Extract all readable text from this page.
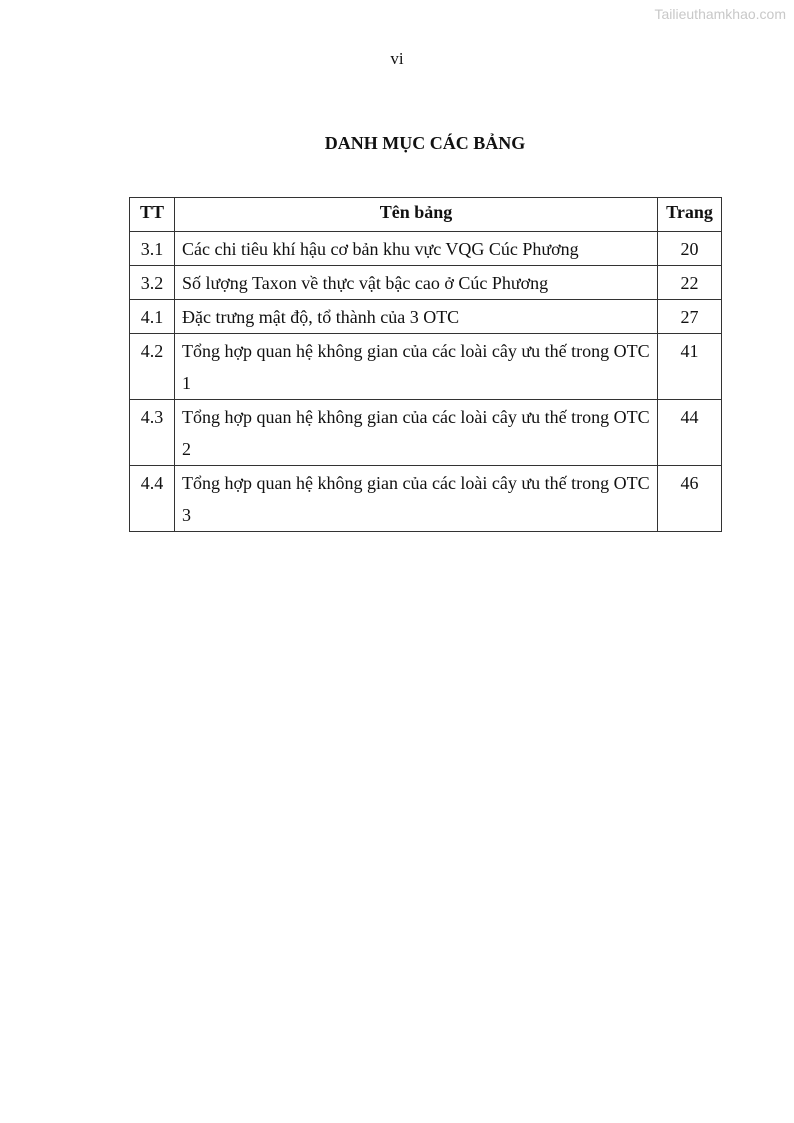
Tailieuthamkhao.com
vi
DANH MỤC CÁC BẢNG
TT	Tên bảng	Trang
3.1	Các chi tiêu khí hậu cơ bản khu vực VQG Cúc Phương	20
3.2	Số lượng Taxon về thực vật bậc cao ở Cúc Phương	22
4.1	Đặc trưng mật độ, tổ thành của 3 OTC	27
4.2	Tổng hợp quan hệ không gian của các loài cây ưu thế trong OTC 1	41
4.3	Tổng hợp quan hệ không gian của các loài cây ưu thế trong OTC 2	44
4.4	Tổng hợp quan hệ không gian của các loài cây ưu thế trong OTC 3	46
